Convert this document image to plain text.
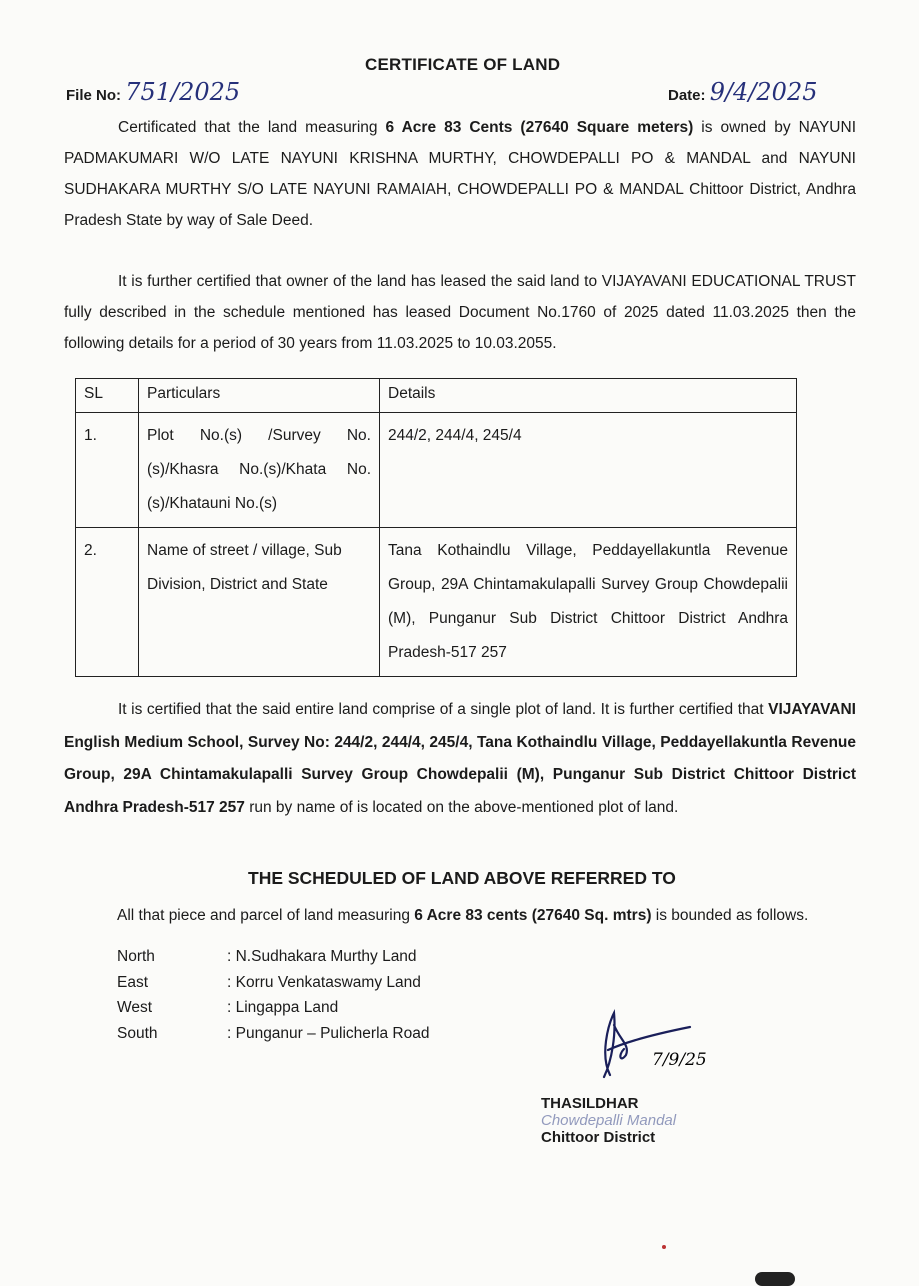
CERTIFICATE OF LAND
File No: 751/2025	Date: 9/4/2025

Certificated that the land measuring 6 Acre 83 Cents (27640 Square meters) is owned by NAYUNI PADMAKUMARI W/O LATE NAYUNI KRISHNA MURTHY, CHOWDEPALLI PO & MANDAL and NAYUNI SUDHAKARA MURTHY S/O LATE NAYUNI RAMAIAH, CHOWDEPALLI PO & MANDAL Chittoor District, Andhra Pradesh State by way of Sale Deed.

It is further certified that owner of the land has leased the said land to VIJAYAVANI EDUCATIONAL TRUST fully described in the schedule mentioned has leased Document No.1760 of 2025 dated 11.03.2025 then the following details for a period of 30 years from 11.03.2025 to 10.03.2055.

SL	Particulars	Details
1.	Plot No.(s) /Survey No.(s)/Khasra No.(s)/Khata No.(s)/Khatauni No.(s)	244/2, 244/4, 245/4
2.	Name of street / village, Sub Division, District and State	Tana Kothaindlu Village, Peddayellakuntla Revenue Group, 29A Chintamakulapalli Survey Group Chowdepalii (M), Punganur Sub District Chittoor District Andhra Pradesh-517 257

It is certified that the said entire land comprise of a single plot of land. It is further certified that VIJAYAVANI English Medium School, Survey No: 244/2, 244/4, 245/4, Tana Kothaindlu Village, Peddayellakuntla Revenue Group, 29A Chintamakulapalli Survey Group Chowdepalii (M), Punganur Sub District Chittoor District Andhra Pradesh-517 257 run by name of is located on the above-mentioned plot of land.

THE SCHEDULED OF LAND ABOVE REFERRED TO
All that piece and parcel of land measuring 6 Acre 83 cents (27640 Sq. mtrs) is bounded as follows.
North	: N.Sudhakara Murthy Land
East	: Korru Venkataswamy Land
West	: Lingappa Land
South	: Punganur – Pulicherla Road
7/9/25
THASILDHAR
Chowdepalli Mandal
Chittoor District
